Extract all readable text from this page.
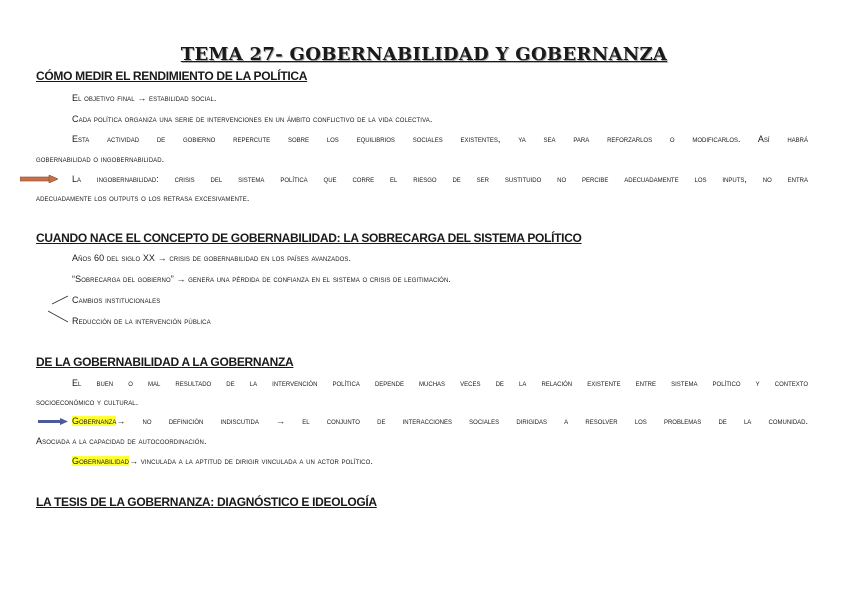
TEMA 27- GOBERNABILIDAD Y GOBERNANZA
CÓMO MEDIR EL RENDIMIENTO DE LA POLÍTICA
El objetivo final → estabilidad social.
Cada política organiza una serie de intervenciones en un ámbito conflictivo de la vida colectiva.
Esta actividad de gobierno repercute sobre los equilibrios sociales existentes, ya sea para reforzarlos o modificarlos. Así habrá
gobernabilidad o ingobernabilidad.
La ingobernabilidad: crisis del sistema política que corre el riesgo de ser sustituido no percibe adecuadamente los inputs, no entra
adecuadamente los outputs o los retrasa excesivamente.
CUANDO NACE EL CONCEPTO DE GOBERNABILIDAD: LA SOBRECARGA DEL SISTEMA POLÍTICO
Años 60 del siglo XX → crisis de gobernabilidad en los países avanzados.
“Sobrecarga del gobierno” → genera una pérdida de confianza en el sistema o crisis de legitimación.
Cambios institucionales
Reducción de la intervención pública
DE LA GOBERNABILIDAD A LA GOBERNANZA
El buen o mal resultado de la intervención política depende muchas veces de la relación existente entre sistema político y contexto
socioeconómico y cultural.
Gobernanza→ no definición indiscutida → el conjunto de interacciones sociales dirigidas a resolver los problemas de la comunidad.
Asociada a la capacidad de autocoordinación.
Gobernabilidad→ vinculada a la aptitud de dirigir vinculada a un actor político.
LA TESIS DE LA GOBERNANZA: DIAGNÓSTICO E IDEOLOGÍA
